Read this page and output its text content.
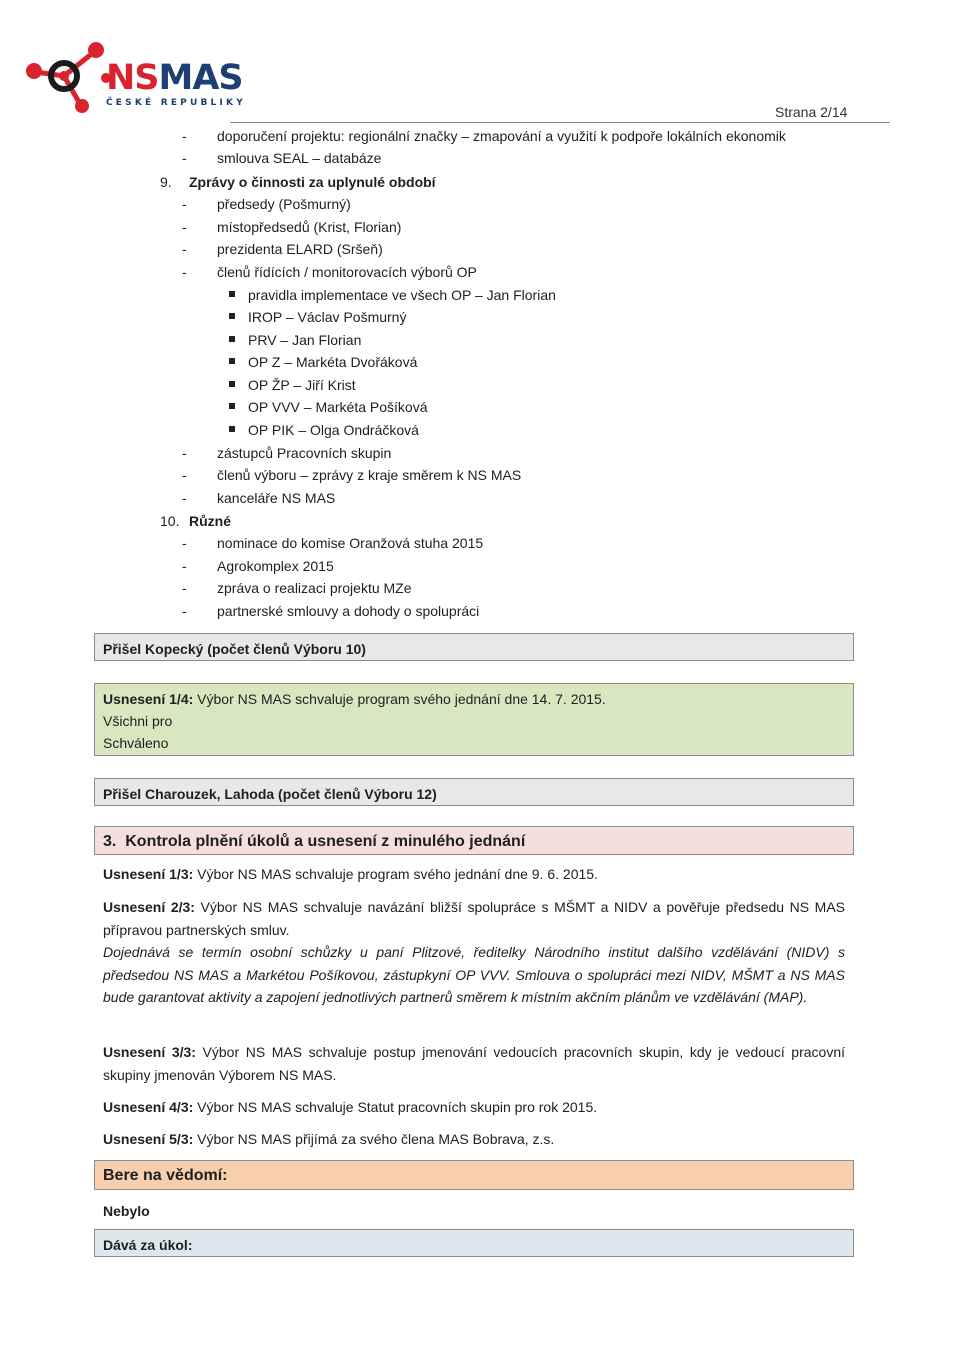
NSMAS
ČESKÉ REPUBLIKY
Strana 2/14
- doporučení projektu: regionální značky – zmapování a využití k podpoře lokálních ekonomik
- smlouva SEAL – databáze
9. Zprávy o činnosti za uplynulé období
- předsedy (Pošmurný)
- místopředsedů (Krist, Florian)
- prezidenta ELARD (Sršeň)
- členů řídících / monitorovacích výborů OP
pravidla implementace ve všech OP – Jan Florian
IROP – Václav Pošmurný
PRV – Jan Florian
OP Z – Markéta Dvořáková
OP ŽP – Jiří Krist
OP VVV – Markéta Pošíková
OP PIK – Olga Ondráčková
- zástupců Pracovních skupin
- členů výboru – zprávy z kraje směrem k NS MAS
- kanceláře NS MAS
10. Různé
- nominace do komise Oranžová stuha 2015
- Agrokomplex 2015
- zpráva o realizaci projektu MZe
- partnerské smlouvy a dohody o spolupráci
Přišel Kopecký (počet členů Výboru 10)
Usnesení 1/4: Výbor NS MAS schvaluje program svého jednání dne 14. 7. 2015.
Všichni pro
Schváleno
Přišel Charouzek, Lahoda (počet členů Výboru 12)
3. Kontrola plnění úkolů a usnesení z minulého jednání
Usnesení 1/3: Výbor NS MAS schvaluje program svého jednání dne 9. 6. 2015.
Usnesení 2/3: Výbor NS MAS schvaluje navázání bližší spolupráce s MŠMT a NIDV a pověřuje předsedu NS MAS přípravou partnerských smluv.
Dojednává se termín osobní schůzky u paní Plitzové, ředitelky Národního institut dalšího vzdělávání (NIDV) s předsedou NS MAS a Markétou Pošíkovou, zástupkyní OP VVV. Smlouva o spolupráci mezi NIDV, MŠMT a NS MAS bude garantovat aktivity a zapojení jednotlivých partnerů směrem k místním akčním plánům ve vzdělávání (MAP).
Usnesení 3/3: Výbor NS MAS schvaluje postup jmenování vedoucích pracovních skupin, kdy je vedoucí pracovní skupiny jmenován Výborem NS MAS.
Usnesení 4/3: Výbor NS MAS schvaluje Statut pracovních skupin pro rok 2015.
Usnesení 5/3: Výbor NS MAS přijímá za svého člena MAS Bobrava, z.s.
Bere na vědomí:
Nebylo
Dává za úkol:
